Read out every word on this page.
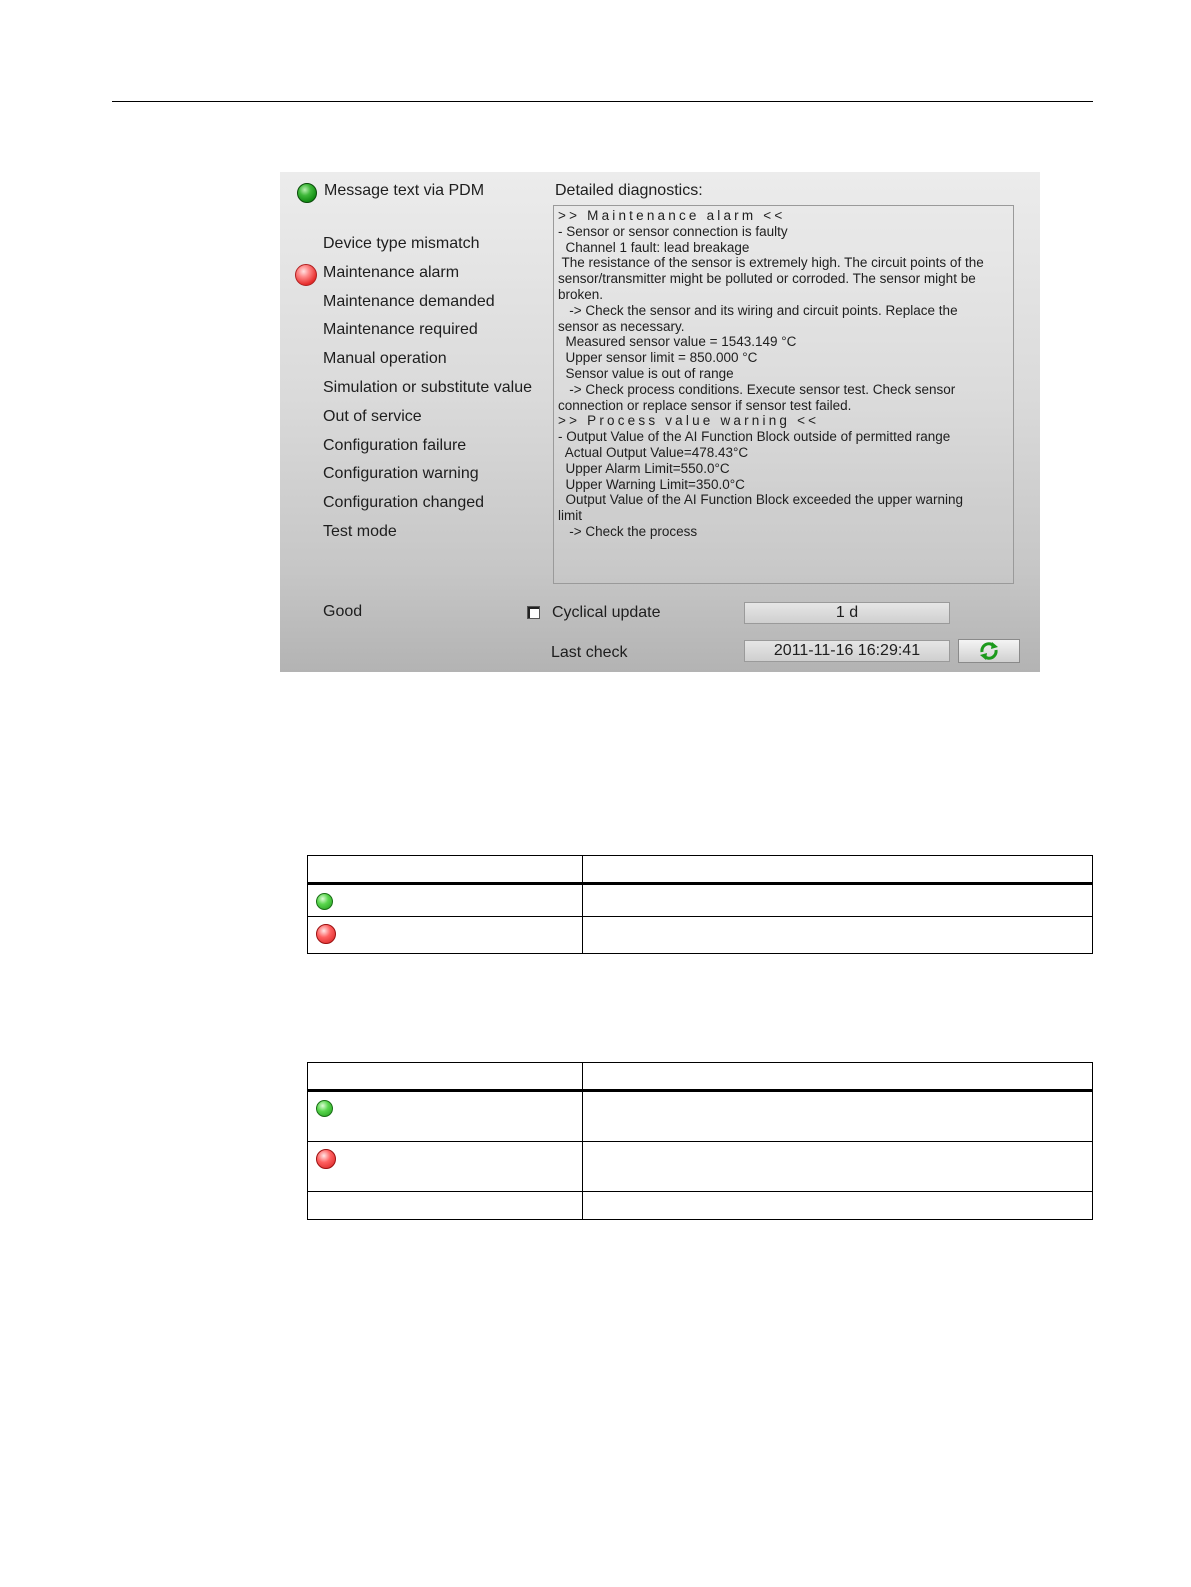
Message text via PDM
Device type mismatch
Maintenance alarm
Maintenance demanded
Maintenance required
Manual operation
Simulation or substitute value
Out of service
Configuration failure
Configuration warning
Configuration changed
Test mode
Good
Detailed diagnostics:
>> Maintenance alarm <<
- Sensor or sensor connection is faulty
Channel 1 fault: lead breakage
The resistance of the sensor is extremely high. The circuit points of the
sensor/transmitter might be polluted or corroded. The sensor might be
broken.
-> Check the sensor and its wiring and circuit points. Replace the
sensor as necessary.
Measured sensor value = 1543.149 °C
Upper sensor limit = 850.000 °C
Sensor value is out of range
-> Check process conditions. Execute sensor test. Check sensor
connection or replace sensor if sensor test failed.
>> Process value warning <<
- Output Value of the AI Function Block outside of permitted range
Actual Output Value=478.43°C
Upper Alarm Limit=550.0°C
Upper Warning Limit=350.0°C
Output Value of the AI Function Block exceeded the upper warning
limit
-> Check the process
Cyclical update	1 d
Last check	2011-11-16 16:29:41
